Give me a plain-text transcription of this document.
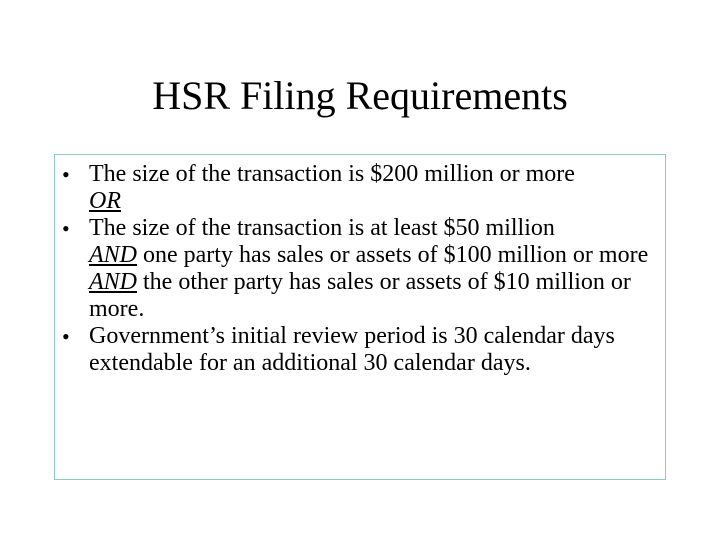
HSR Filing Requirements
• The size of the transaction is $200 million or more
OR
• The size of the transaction is at least $50 million
AND one party has sales or assets of $100 million or more AND the other party has sales or assets of $10 million or more.
• Government’s initial review period is 30 calendar days extendable for an additional 30 calendar days.
